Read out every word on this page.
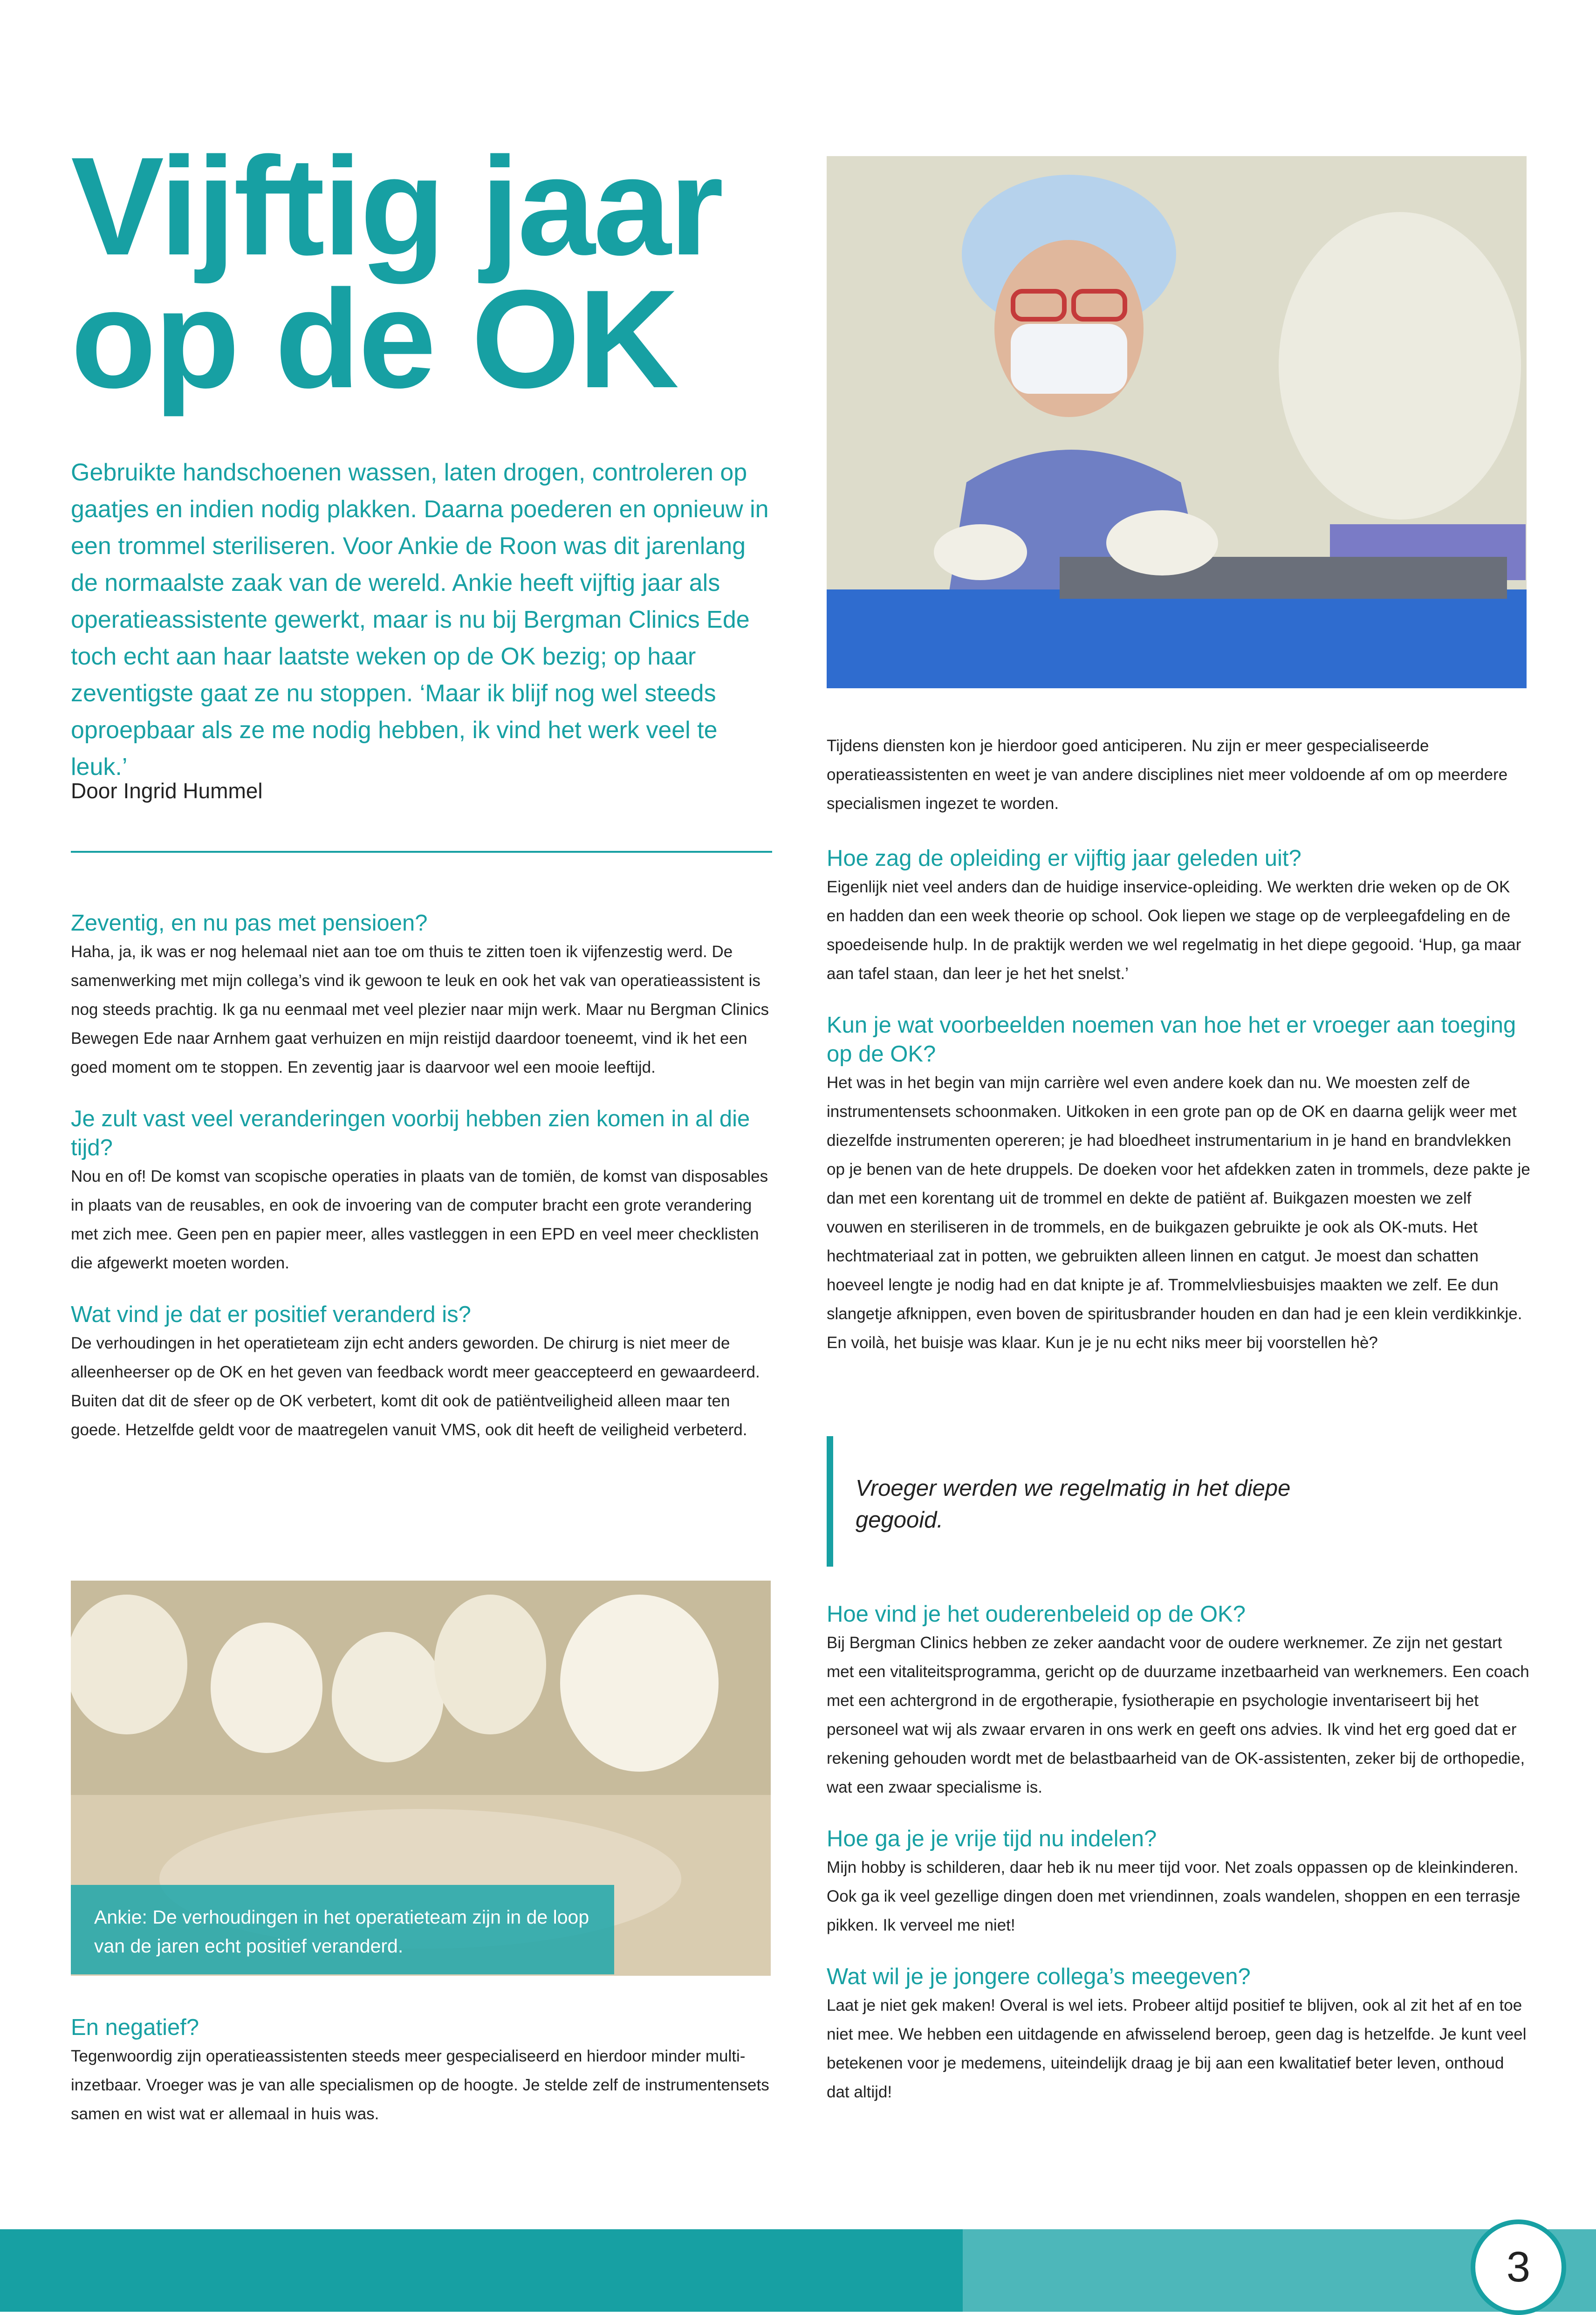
Vijftig jaar
op de OK

Gebruikte handschoenen wassen, laten drogen, controleren op gaatjes en indien nodig plakken. Daarna poederen en opnieuw in een trommel steriliseren. Voor Ankie de Roon was dit jarenlang de normaalste zaak van de wereld. Ankie heeft vijftig jaar als operatieassistente gewerkt, maar is nu bij Bergman Clinics Ede toch echt aan haar laatste weken op de OK bezig; op haar zeventigste gaat ze nu stoppen. ‘Maar ik blijf nog wel steeds oproepbaar als ze me nodig hebben, ik vind het werk veel te leuk.’

Door Ingrid Hummel
Zeventig, en nu pas met pensioen?

Haha, ja, ik was er nog helemaal niet aan toe om thuis te zitten toen ik vijfenzestig werd. De samenwerking met mijn collega’s vind ik gewoon te leuk en ook het vak van operatieassistent is nog steeds prachtig. Ik ga nu eenmaal met veel plezier naar mijn werk. Maar nu Bergman Clinics Bewegen Ede naar Arnhem gaat verhuizen en mijn reistijd daardoor toeneemt, vind ik het een goed moment om te stoppen. En zeventig jaar is daarvoor wel een mooie leeftijd.

Je zult vast veel veranderingen voorbij hebben zien komen in al die tijd?

Nou en of! De komst van scopische operaties in plaats van de tomiën, de komst van disposables in plaats van de reusables, en ook de invoering van de computer bracht een grote verandering met zich mee. Geen pen en papier meer, alles vastleggen in een EPD en veel meer checklisten die afgewerkt moeten worden.

Wat vind je dat er positief veranderd is?

De verhoudingen in het operatieteam zijn echt anders geworden. De chirurg is niet meer de alleenheerser op de OK en het geven van feedback wordt meer geaccepteerd en gewaardeerd. Buiten dat dit de sfeer op de OK verbetert, komt dit ook de patiëntveiligheid alleen maar ten goede. Hetzelfde geldt voor de maatregelen vanuit VMS, ook dit heeft de veiligheid verbeterd.

Ankie: De verhoudingen in het operatieteam zijn in de loop van de jaren echt positief veranderd.
En negatief?

Tegenwoordig zijn operatieassistenten steeds meer gespecialiseerd en hierdoor minder multi-inzetbaar. Vroeger was je van alle specialismen op de hoogte. Je stelde zelf de instrumentensets samen en wist wat er allemaal in huis was.

Tijdens diensten kon je hierdoor goed anticiperen. Nu zijn er meer gespecialiseerde operatieassistenten en weet je van andere disciplines niet meer voldoende af om op meerdere specialismen ingezet te worden.

Hoe zag de opleiding er vijftig jaar geleden uit?

Eigenlijk niet veel anders dan de huidige inservice-opleiding. We werkten drie weken op de OK en hadden dan een week theorie op school. Ook liepen we stage op de verpleegafdeling en de spoedeisende hulp. In de praktijk werden we wel regelmatig in het diepe gegooid. ‘Hup, ga maar aan tafel staan, dan leer je het het snelst.’

Kun je wat voorbeelden noemen van hoe het er vroeger aan toeging op de OK?

Het was in het begin van mijn carrière wel even andere koek dan nu. We moesten zelf de instrumentensets schoonmaken. Uitkoken in een grote pan op de OK en daarna gelijk weer met diezelfde instrumenten opereren; je had bloedheet instrumentarium in je hand en brandvlekken op je benen van de hete druppels. De doeken voor het afdekken zaten in trommels, deze pakte je dan met een korentang uit de trommel en dekte de patiënt af. Buikgazen moesten we zelf vouwen en steriliseren in de trommels, en de buikgazen gebruikte je ook als OK-muts. Het hechtmateriaal zat in potten, we gebruikten alleen linnen en catgut. Je moest dan schatten hoeveel lengte je nodig had en dat knipte je af. Trommelvliesbuisjes maakten we zelf. Ee dun slangetje afknippen, even boven de spiritusbrander houden en dan had je een klein verdikkinkje. En voilà, het buisje was klaar. Kun je je nu echt niks meer bij voorstellen hè?

Vroeger werden we regelmatig in het diepe gegooid.

Hoe vind je het ouderenbeleid op de OK?

Bij Bergman Clinics hebben ze zeker aandacht voor de oudere werknemer. Ze zijn net gestart met een vitaliteitsprogramma, gericht op de duurzame inzetbaarheid van werknemers. Een coach met een achtergrond in de ergotherapie, fysiotherapie en psychologie inventariseert bij het personeel wat wij als zwaar ervaren in ons werk en geeft ons advies. Ik vind het erg goed dat er rekening gehouden wordt met de belastbaarheid van de OK-assistenten, zeker bij de orthopedie, wat een zwaar specialisme is.

Hoe ga je je vrije tijd nu indelen?

Mijn hobby is schilderen, daar heb ik nu meer tijd voor. Net zoals oppassen op de kleinkinderen. Ook ga ik veel gezellige dingen doen met vriendinnen, zoals wandelen, shoppen en een terrasje pikken. Ik verveel me niet!

Wat wil je je jongere collega’s meegeven?

Laat je niet gek maken! Overal is wel iets. Probeer altijd positief te blijven, ook al zit het af en toe niet mee. We hebben een uitdagende en afwisselend beroep, geen dag is hetzelfde. Je kunt veel betekenen voor je medemens, uiteindelijk draag je bij aan een kwalitatief beter leven, onthoud dat altijd!

3
